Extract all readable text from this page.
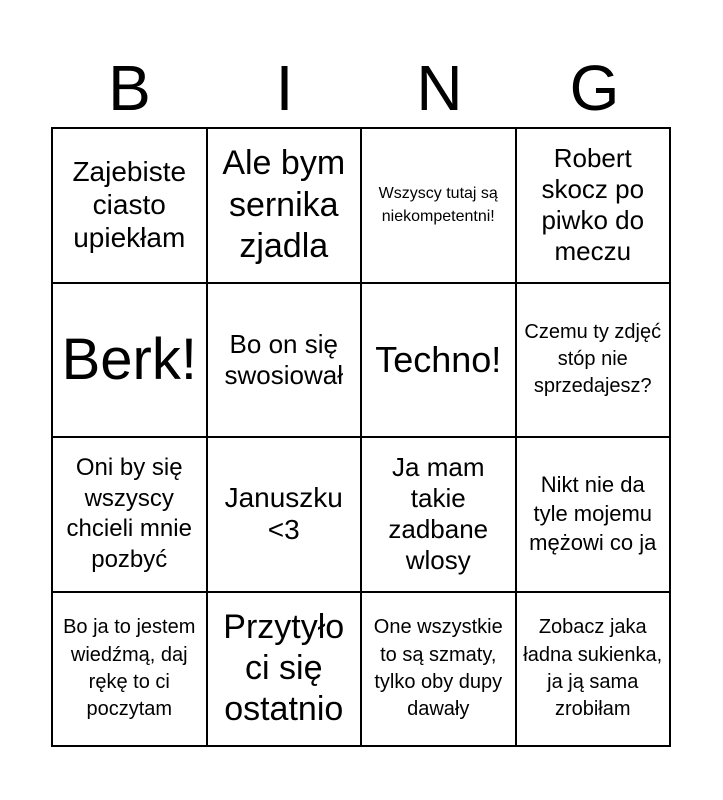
B	I	N	G
Zajebiste ciasto upiekłam
Ale bym sernika zjadla
Wszyscy tutaj są niekompetentni!
Robert skocz po piwko do meczu
Berk!	Bo on się swosiował Techno!
Czemu ty zdjęć stóp nie sprzedajesz?
Oni by się wszyscy chcieli mnie pozbyć
Januszku <3
Ja mam takie zadbane wlosy
Nikt nie da tyle mojemu mężowi co ja
Bo ja to jestem wiedźmą, daj rękę to ci poczytam
Przytyło ci się ostatnio
One wszystkie to są szmaty, tylko oby dupy dawały
Zobacz jaka ładna sukienka, ja ją sama zrobiłam
